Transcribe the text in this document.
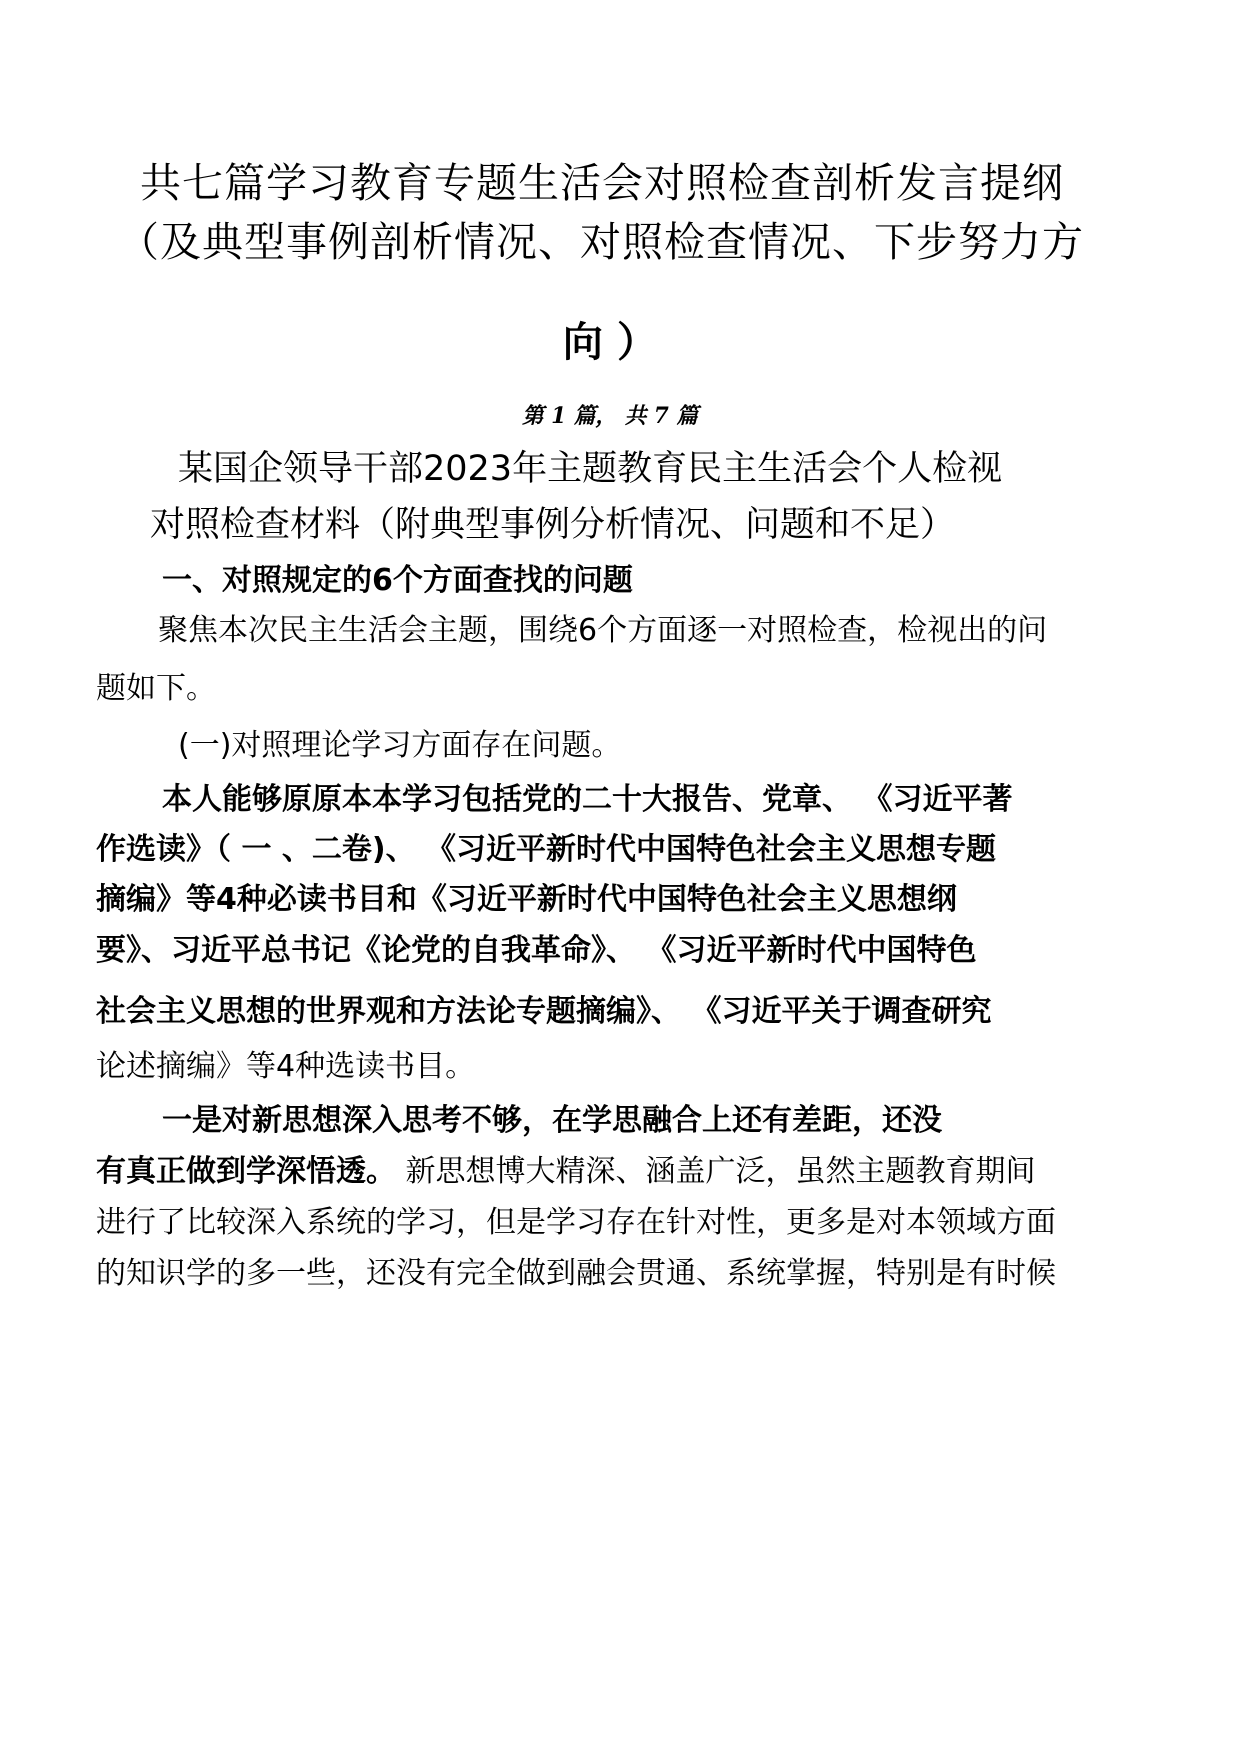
共七篇学习教育专题生活会对照检查剖析发言提纲
（及典型事例剖析情况、对照检查情况、下步努力方
向 ）
第 1 篇， 共 7 篇
某国企领导干部2023年主题教育民主生活会个人检视
对照检查材料（附典型事例分析情况、问题和不足）
一、对照规定的6个方面查找的问题
聚焦本次民主生活会主题，围绕6个方面逐一对照检查，检视出的问
题如下。
(一)对照理论学习方面存在问题。
本人能够原原本本学习包括党的二十大报告、党章、 《习近平著
作选读》（ 一 、二卷)、 《习近平新时代中国特色社会主义思想专题
摘编》等4种必读书目和《习近平新时代中国特色社会主义思想纲
要》、习近平总书记《论党的自我革命》、 《习近平新时代中国特色
社会主义思想的世界观和方法论专题摘编》、 《习近平关于调查研究
论述摘编》等4种选读书目。
一是对新思想深入思考不够，在学思融合上还有差距，还没
有真正做到学深悟透。 新思想博大精深、涵盖广泛，虽然主题教育期间
进行了比较深入系统的学习，但是学习存在针对性，更多是对本领域方面
的知识学的多一些，还没有完全做到融会贯通、系统掌握，特别是有时候
